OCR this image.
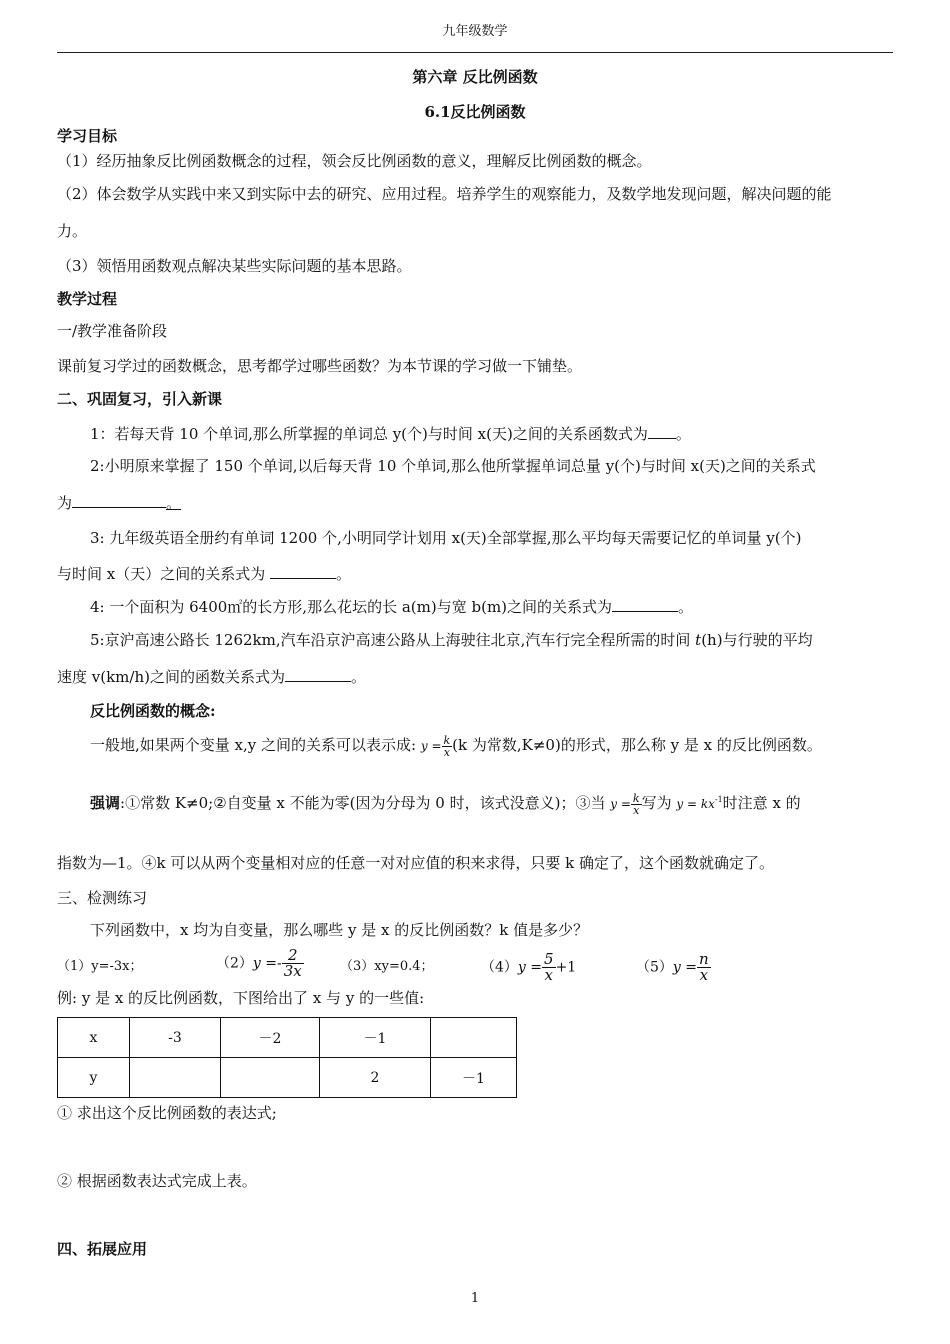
九年级数学
第六章 反比例函数
6.1反比例函数
学习目标
（1）经历抽象反比例函数概念的过程，领会反比例函数的意义，理解反比例函数的概念。
（2）体会数学从实践中来又到实际中去的研究、应用过程。培养学生的观察能力，及数学地发现问题，解决问题的能
力。
（3）领悟用函数观点解决某些实际问题的基本思路。
教学过程
一/教学准备阶段
课前复习学过的函数概念，思考都学过哪些函数？为本节课的学习做一下铺垫。
二、巩固复习，引入新课
1：若每天背 10 个单词,那么所掌握的单词总 y(个)与时间 x(天)之间的关系函数式为 。
2:小明原来掌握了 150 个单词,以后每天背 10 个单词,那么他所掌握单词总量 y(个)与时间 x(天)之间的关系式
为	。
3: 九年级英语全册约有单词 1200 个,小明同学计划用 x(天)全部掌握,那么平均每天需要记忆的单词量 y(个)
与时间 x（天）之间的关系式为	。
4: 一个面积为 6400㎡的长方形,那么花坛的长 a(m)与宽 b(m)之间的关系式为	。
5:京沪高速公路长 1262km,汽车沿京沪高速公路从上海驶往北京,汽车行完全程所需的时间 t(h)与行驶的平均
速度 v(km/h)之间的函数关系式为	。
反比例函数的概念:
一般地,如果两个变量 x,y 之间的关系可以表示成: $y = \frac{k}{x} (k$ 为常数,K≠0)的形式，那么称 y 是 x 的反比例函数。
强调:①常数 K≠0;②自变量 x 不能为零(因为分母为 0 时，该式没意义)；③当 $y = \frac{k}{x}$ 写为 $y = kx^{-1}$时注意 x 的
指数为—1。④k 可以从两个变量相对应的任意一对对应值的积来求得，只要 k 确定了，这个函数就确定了。
三、检测练习
下列函数中，x 均为自变量，那么哪些 y 是 x 的反比例函数？k 值是多少？
（1）y=-3x；	$(2)y =- \frac{2}{3x}$	（3）xy=0.4；	$(4)y = \frac{5}{x} +1$	$(5)y = \frac{n}{x}$
例: y 是 x 的反比例函数，下图给出了 x 与 y 的一些值:
x	-3	－2	－1	
y			2	－1
① 求出这个反比例函数的表达式;
② 根据函数表达式完成上表。
四、拓展应用
1
